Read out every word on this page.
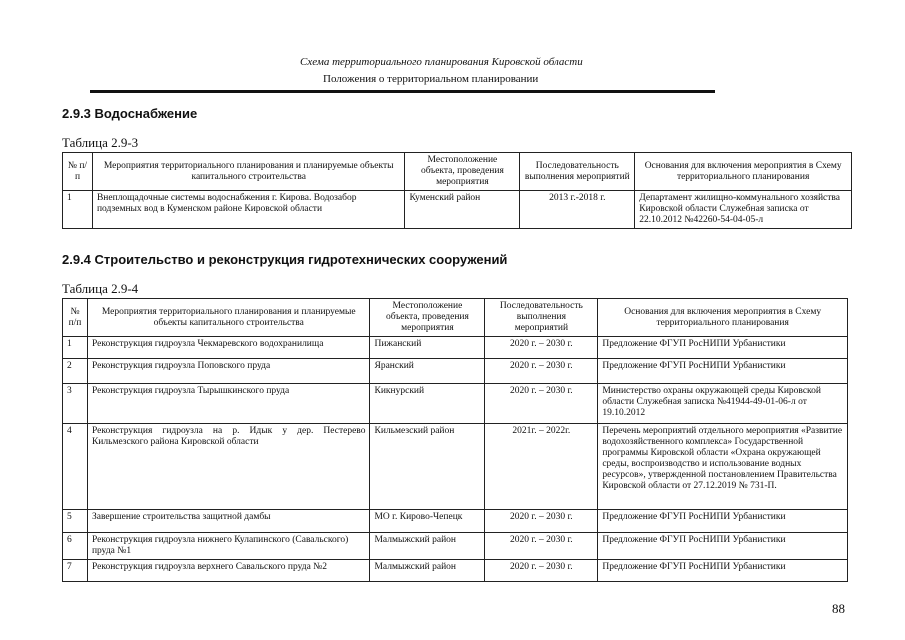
Схема территориального планирования Кировской области
Положения о территориальном планировании
2.9.3 Водоснабжение
Таблица 2.9-3
№ п/п	Мероприятия территориального планирования и планируемые объекты капитального строительства	Местоположение объекта, проведения мероприятия	Последовательность выполнения мероприятий	Основания для включения мероприятия в Схему территориального планирования
1	Внеплощадочные системы водоснабжения г. Кирова. Водозабор подземных вод в Куменском районе Кировской области	Куменский район	2013 г.-2018 г.	Департамент жилищно-коммунального хозяйства Кировской области Служебная записка от 22.10.2012 №42260-54-04-05-л
2.9.4 Строительство и реконструкция гидротехнических сооружений
Таблица 2.9-4
№ п/п	Мероприятия территориального планирования и планируемые объекты капитального строительства	Местоположение объекта, проведения мероприятия	Последовательность выполнения мероприятий	Основания для включения мероприятия в Схему территориального планирования
1	Реконструкция гидроузла Чекмаревского водохранилища	Пижанский	2020 г. – 2030 г.	Предложение ФГУП РосНИПИ Урбанистики
2	Реконструкция гидроузла Поповского пруда	Яранский	2020 г. – 2030 г.	Предложение ФГУП РосНИПИ Урбанистики
3	Реконструкция гидроузла Тырышкинского пруда	Кикнурский	2020 г. – 2030 г.	Министерство охраны окружающей среды Кировской области Служебная записка №41944-49-01-06-л от 19.10.2012
4	Реконструкция гидроузла на р. Идык у дер. Пестерево Кильмезского района Кировской области	Кильмезский район	2021г. – 2022г.	Перечень мероприятий отдельного мероприятия «Развитие водохозяйственного комплекса» Государственной программы Кировской области «Охрана окружающей среды, воспроизводство и использование водных ресурсов», утвержденной постановлением Правительства Кировской области от 27.12.2019 № 731-П.
5	Завершение строительства защитной дамбы	МО г. Кирово-Чепецк	2020 г. – 2030 г.	Предложение ФГУП РосНИПИ Урбанистики
6	Реконструкция гидроузла нижнего Кулапинского (Савальского) пруда №1	Малмыжский район	2020 г. – 2030 г.	Предложение ФГУП РосНИПИ Урбанистики
7	Реконструкция гидроузла верхнего Савальского пруда №2	Малмыжский район	2020 г. – 2030 г.	Предложение ФГУП РосНИПИ Урбанистики
88
